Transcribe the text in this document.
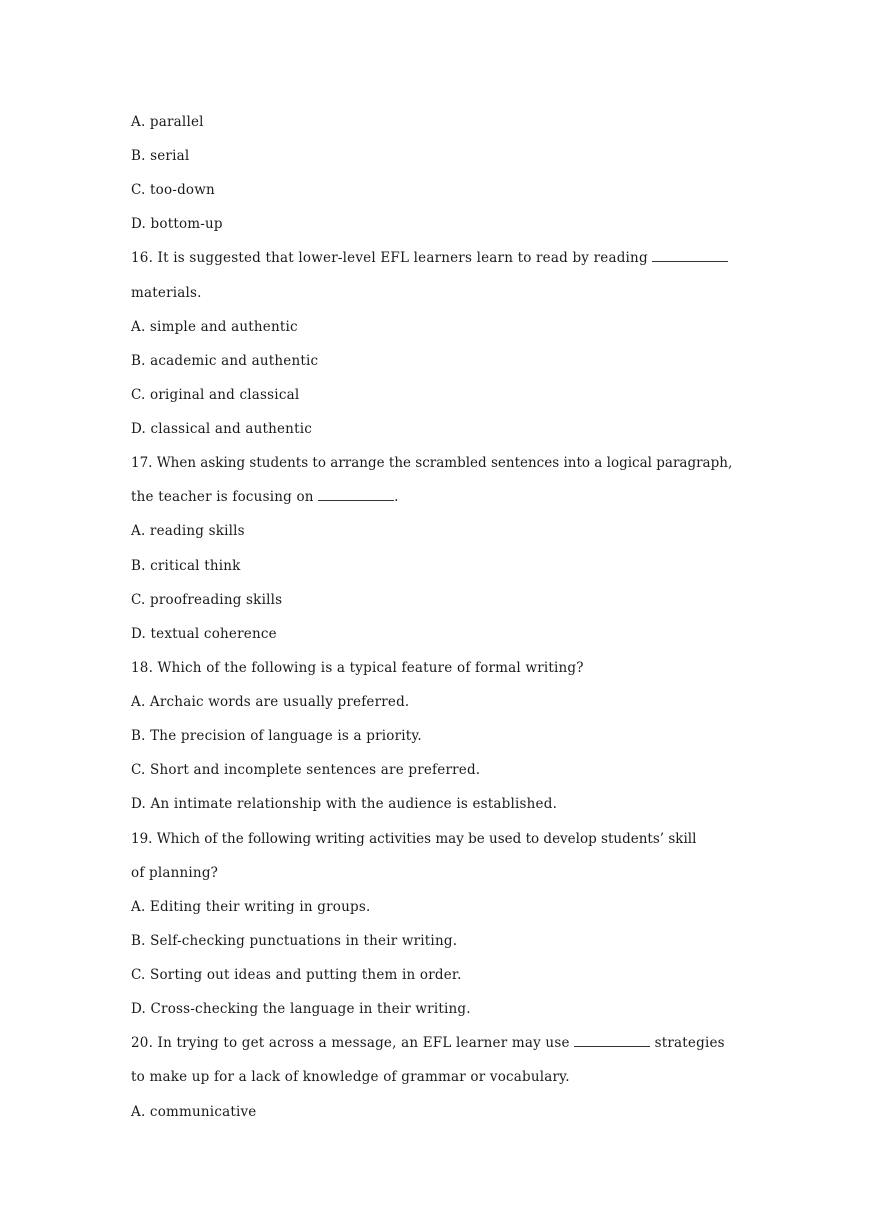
A. parallel
B. serial
C. too-down
D. bottom-up
16. It is suggested that lower-level EFL learners learn to read by reading
materials.
A. simple and authentic
B. academic and authentic
C. original and classical
D. classical and authentic
17. When asking students to arrange the scrambled sentences into a logical paragraph,
the teacher is focusing on	.
A. reading skills
B. critical think
C. proofreading skills
D. textual coherence
18. Which of the following is a typical feature of formal writing?
A. Archaic words are usually preferred.
B. The precision of language is a priority.
C. Short and incomplete sentences are preferred.
D. An intimate relationship with the audience is established.
19. Which of the following writing activities may be used to develop students’ skill
of planning?
A. Editing their writing in groups.
B. Self-checking punctuations in their writing.
C. Sorting out ideas and putting them in order.
D. Cross-checking the language in their writing.
20. In trying to get across a message, an EFL learner may use	strategies
to make up for a lack of knowledge of grammar or vocabulary.
A. communicative
